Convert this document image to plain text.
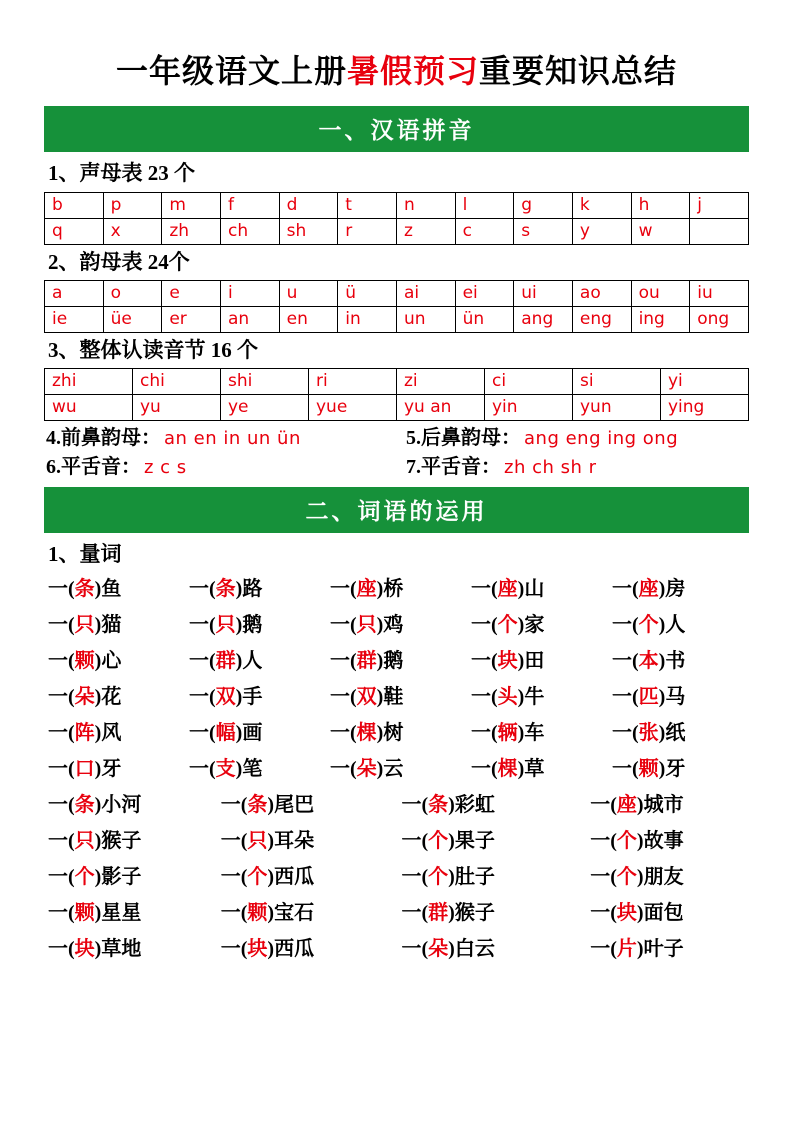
一年级语文上册暑假预习重要知识总结
一、汉语拼音
1、声母表 23 个
b	p	m	f	d	t	n	l	g	k	h	j
q	x	zh	ch	sh	r	z	c	s	y	w	
2、韵母表 24个
a	o	e	i	u	ü	ai	ei	ui	ao	ou	iu
ie	üe	er	an	en	in	un	ün	ang	eng	ing	ong
3、整体认读音节 16 个
zhi	chi	shi	ri	zi	ci	si	yi
wu	yu	ye	yue	yu an	yin	yun	ying
4.前鼻韵母： an en in un ün	5.后鼻韵母： ang eng ing ong
6.平舌音： z c s	7.平舌音： zh ch sh r
二、词语的运用
1、量词
一(条)鱼	一(条)路	一(座)桥	一(座)山	一(座)房
一(只)猫	一(只)鹅	一(只)鸡	一(个)家	一(个)人
一(颗)心	一(群)人	一(群)鹅	一(块)田	一(本)书
一(朵)花	一(双)手	一(双)鞋	一(头)牛	一(匹)马
一(阵)风	一(幅)画	一(棵)树	一(辆)车	一(张)纸
一(口)牙	一(支)笔	一(朵)云	一(棵)草	一(颗)牙
一(条)小河	一(条)尾巴	一(条)彩虹	一(座)城市
一(只)猴子	一(只)耳朵	一(个)果子	一(个)故事
一(个)影子	一(个)西瓜	一(个)肚子	一(个)朋友
一(颗)星星	一(颗)宝石	一(群)猴子	一(块)面包
一(块)草地	一(块)西瓜	一(朵)白云	一(片)叶子
